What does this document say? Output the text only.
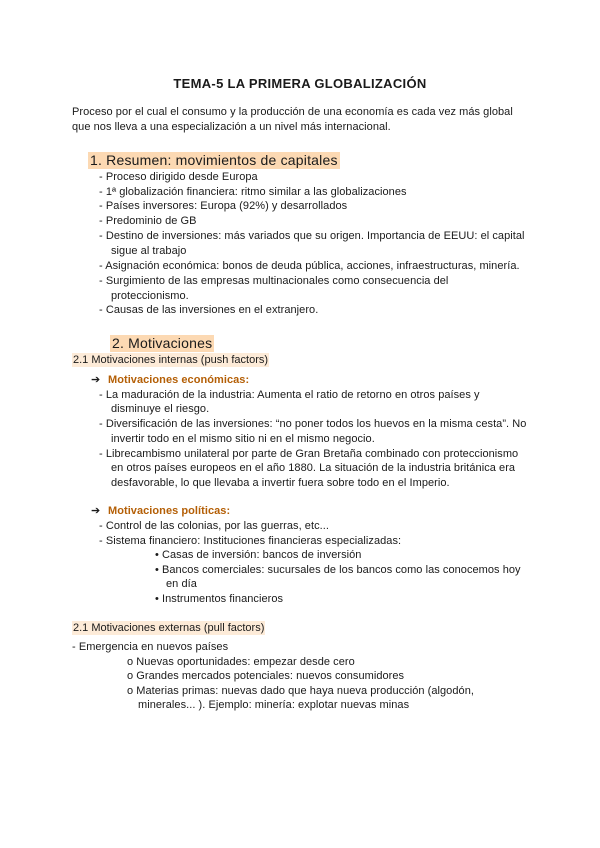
TEMA-5 LA PRIMERA GLOBALIZACIÓN
Proceso por el cual el consumo y la producción de una economía es cada vez más global
que nos lleva a una especialización a un nivel más internacional.
1. Resumen: movimientos de capitales
- Proceso dirigido desde Europa
- 1ª globalización financiera: ritmo similar a las globalizaciones
- Países inversores: Europa (92%) y desarrollados
- Predominio de GB
- Destino de inversiones: más variados que su origen. Importancia de EEUU: el capital
sigue al trabajo
- Asignación económica: bonos de deuda pública, acciones, infraestructuras, minería.
- Surgimiento de las empresas multinacionales como consecuencia del
proteccionismo.
- Causas de las inversiones en el extranjero.
2. Motivaciones
2.1 Motivaciones internas (push factors)
➔ Motivaciones económicas:
- La maduración de la industria: Aumenta el ratio de retorno en otros países y
disminuye el riesgo.
- Diversificación de las inversiones: “no poner todos los huevos en la misma cesta”. No
invertir todo en el mismo sitio ni en el mismo negocio.
- Librecambismo unilateral por parte de Gran Bretaña combinado con proteccionismo
en otros países europeos en el año 1880. La situación de la industria británica era
desfavorable, lo que llevaba a invertir fuera sobre todo en el Imperio.
➔ Motivaciones políticas:
- Control de las colonias, por las guerras, etc...
- Sistema financiero: Instituciones financieras especializadas:
• Casas de inversión: bancos de inversión
• Bancos comerciales: sucursales de los bancos como las conocemos hoy
en día
• Instrumentos financieros
2.1 Motivaciones externas (pull factors)
- Emergencia en nuevos países
o Nuevas oportunidades: empezar desde cero
o Grandes mercados potenciales: nuevos consumidores
o Materias primas: nuevas dado que haya nueva producción (algodón,
minerales... ). Ejemplo: minería: explotar nuevas minas
